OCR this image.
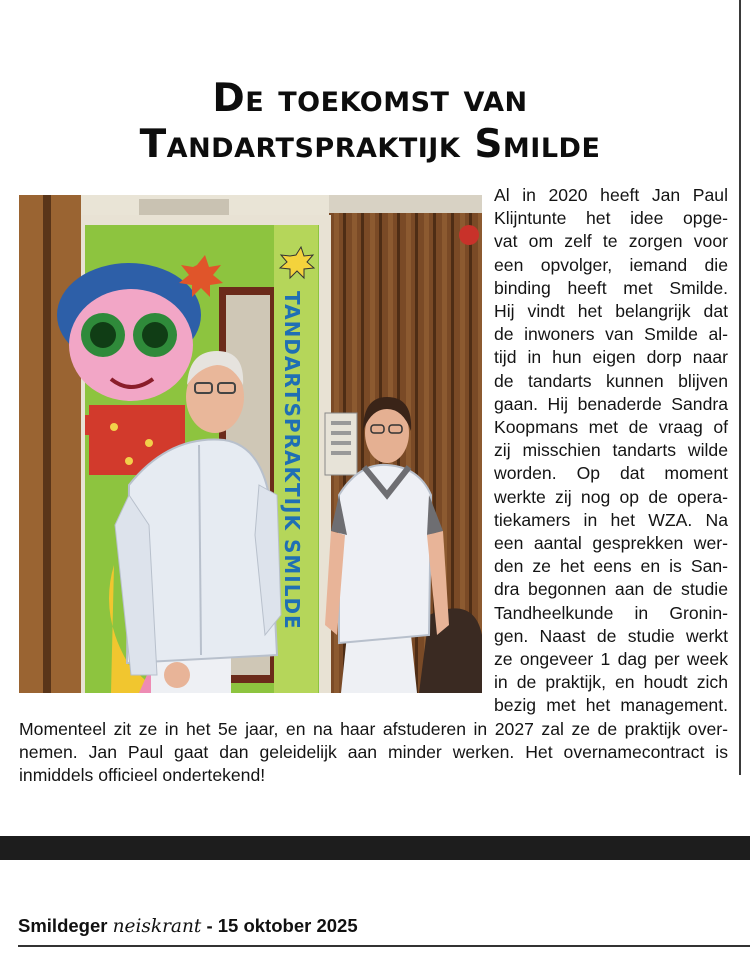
De toekomst van
Tandartspraktijk Smilde
TANDARTSPRAKTIJK SMILDE
Al in 2020 heeft Jan Paul
Klijntunte het idee opge-
vat om zelf te zorgen voor
een opvolger, iemand die
binding heeft met Smilde.
Hij vindt het belangrijk dat
de inwoners van Smilde al-
tijd in hun eigen dorp naar
de tandarts kunnen blijven
gaan. Hij benaderde Sandra
Koopmans met de vraag of
zij misschien tandarts wilde
worden. Op dat moment
werkte zij nog op de opera-
tiekamers in het WZA. Na
een aantal gesprekken wer-
den ze het eens en is San-
dra begonnen aan de studie
Tandheelkunde in Gronin-
gen. Naast de studie werkt
ze ongeveer 1 dag per week
in de praktijk, en houdt zich
bezig met het management.
Momenteel zit ze in het 5e jaar, en na haar afstuderen in 2027 zal ze de praktijk over-
nemen. Jan Paul gaat dan geleidelijk aan minder werken. Het overnamecontract is
inmiddels officieel ondertekend!
Smildeger neiskrant - 15 oktober 2025
